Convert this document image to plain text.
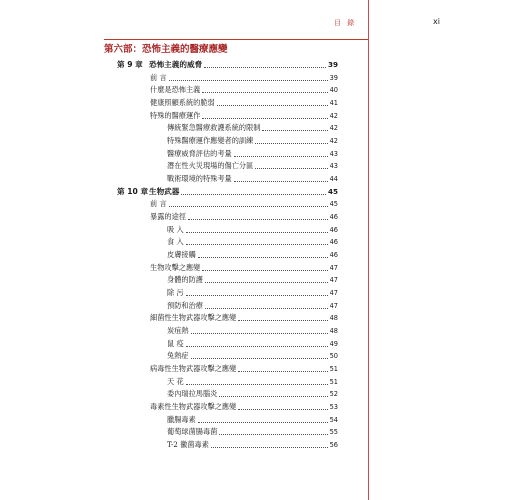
目 錄	xi
第六部：恐怖主義的醫療應變
第 9 章 恐怖主義的威脅	39
前 言	39
什麼是恐怖主義	40
健康照顧系統的脆弱	41
特殊的醫療運作	42
傳統緊急醫療救護系統的限制	42
特殊醫療運作應變者的訓練	42
醫療威脅評估的考量	43
潛在性火災現場的傷亡分區	43
戰術環境的特殊考量	44
第 10 章 生物武器	45
前 言	45
暴露的途徑	46
吸 入	46
食 入	46
皮膚接觸	46
生物攻擊之應變	47
身體的防護	47
除 污	47
預防和治療	47
細菌性生物武器攻擊之應變	48
炭疽熱	48
鼠 疫	49
兔熱症	50
病毒性生物武器攻擊之應變	51
天 花	51
委內瑞拉馬腦炎	52
毒素性生物武器攻擊之應變	53
臘腸毒素	54
葡萄球菌腸毒菌	55
T-2 黴菌毒素	56
